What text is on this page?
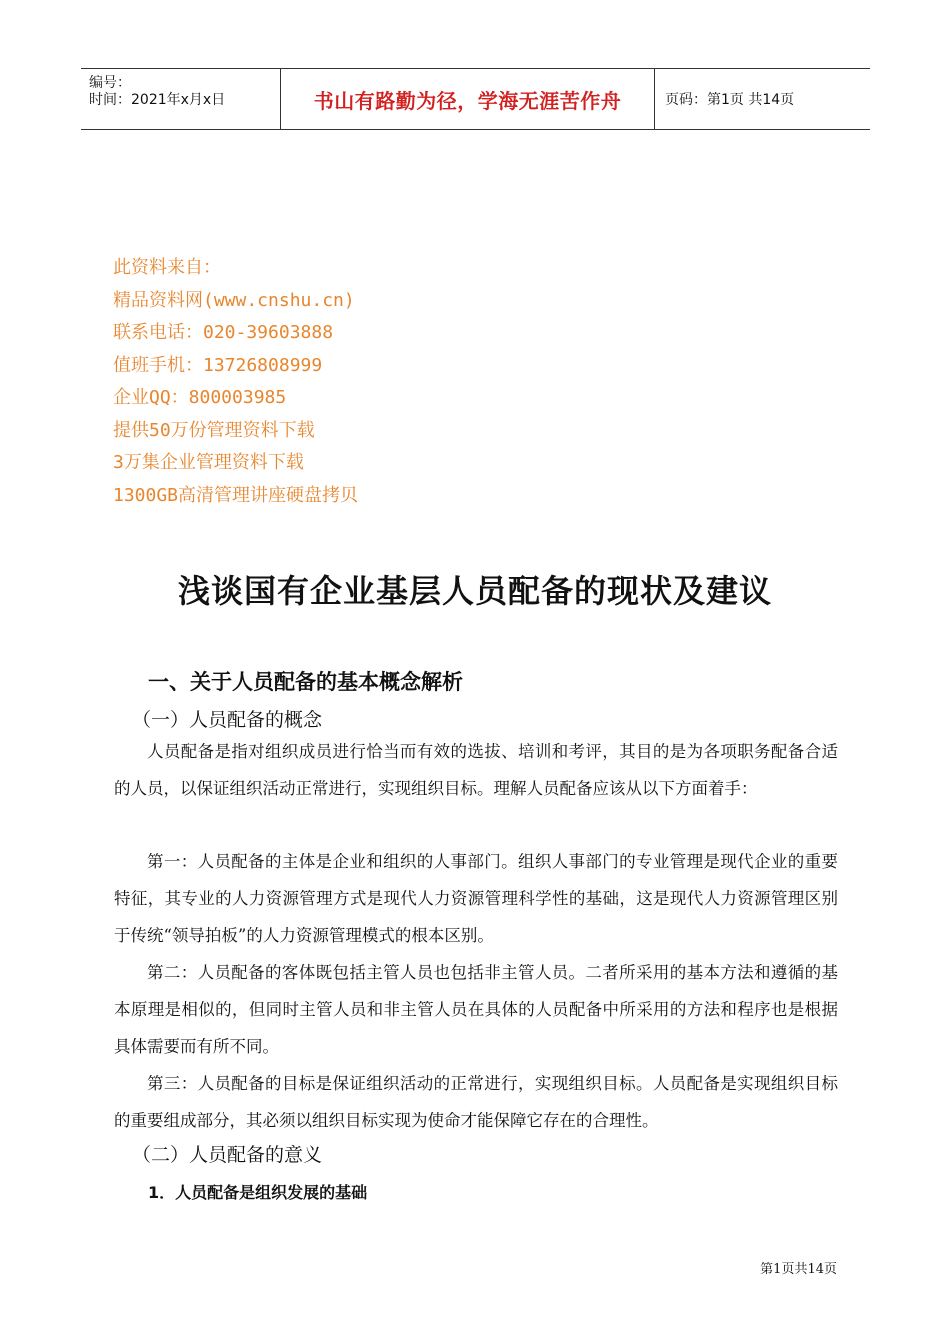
编号：
时间：2021年x月x日	书山有路勤为径，学海无涯苦作舟	页码：第1页 共14页
此资料来自：
精品资料网(www.cnshu.cn)
联系电话：020-39603888
值班手机：13726808999
企业QQ：800003985
提供50万份管理资料下载
3万集企业管理资料下载
1300GB高清管理讲座硬盘拷贝
浅谈国有企业基层人员配备的现状及建议
一、关于人员配备的基本概念解析
（一）人员配备的概念
人员配备是指对组织成员进行恰当而有效的选拔、培训和考评，其目的是为各项职务配备合适的人员，以保证组织活动正常进行，实现组织目标。理解人员配备应该从以下方面着手：
第一：人员配备的主体是企业和组织的人事部门。组织人事部门的专业管理是现代企业的重要特征，其专业的人力资源管理方式是现代人力资源管理科学性的基础，这是现代人力资源管理区别于传统“领导拍板”的人力资源管理模式的根本区别。
第二：人员配备的客体既包括主管人员也包括非主管人员。二者所采用的基本方法和遵循的基本原理是相似的，但同时主管人员和非主管人员在具体的人员配备中所采用的方法和程序也是根据具体需要而有所不同。
第三：人员配备的目标是保证组织活动的正常进行，实现组织目标。人员配备是实现组织目标的重要组成部分，其必须以组织目标实现为使命才能保障它存在的合理性。
（二）人员配备的意义
1．人员配备是组织发展的基础
第1页共14页
